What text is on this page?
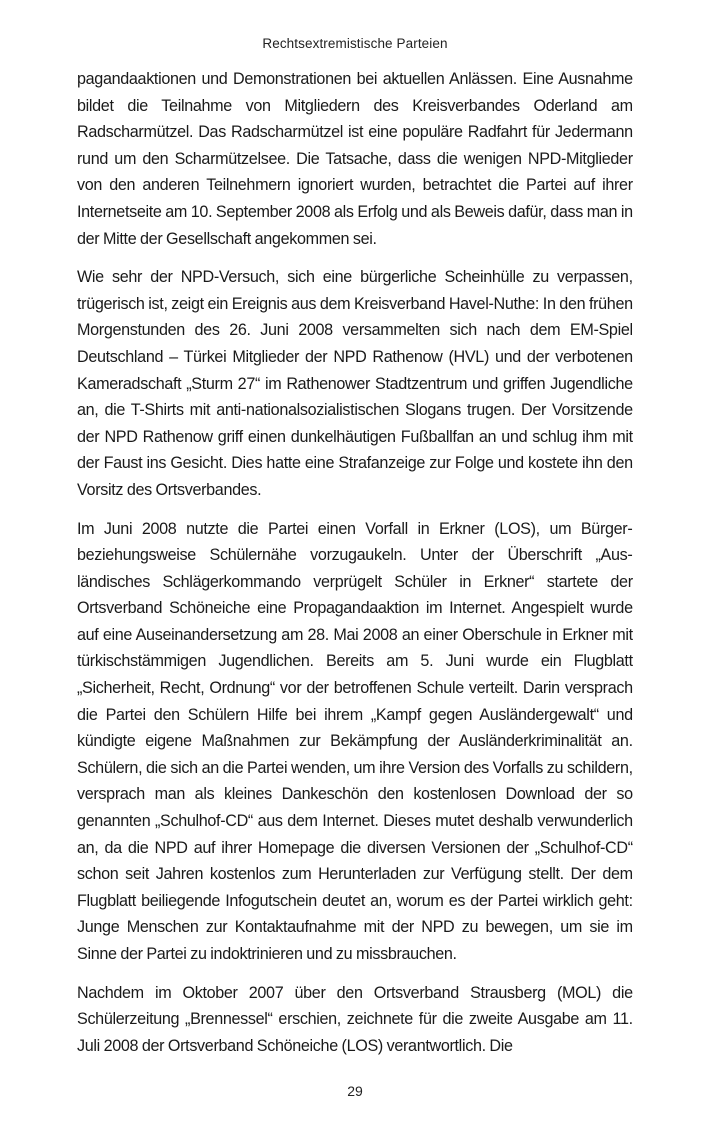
Rechtsextremistische Parteien

pagandaaktionen und Demonstrationen bei aktuellen Anlässen. Eine Ausnahme bildet die Teilnahme von Mitgliedern des Kreisverbandes Oderland am Radscharmützel. Das Radscharmützel ist eine populäre Radfahrt für Jedermann rund um den Scharmützelsee. Die Tatsache, dass die wenigen NPD-Mitglieder von den anderen Teilnehmern ignoriert wurden, betrachtet die Partei auf ihrer Internetseite am 10. September 2008 als Erfolg und als Beweis dafür, dass man in der Mitte der Gesellschaft angekommen sei.

Wie sehr der NPD-Versuch, sich eine bürgerliche Scheinhülle zu verpassen, trügerisch ist, zeigt ein Ereignis aus dem Kreisverband Havel-Nuthe: In den frühen Morgenstunden des 26. Juni 2008 versammelten sich nach dem EM-Spiel Deutschland – Türkei Mitglieder der NPD Rathenow (HVL) und der verbotenen Kameradschaft „Sturm 27“ im Rathenower Stadtzentrum und griffen Jugendliche an, die T-Shirts mit anti-nationalsozialistischen Slogans trugen. Der Vorsitzende der NPD Rathenow griff einen dunkelhäutigen Fußballfan an und schlug ihm mit der Faust ins Gesicht. Dies hatte eine Strafanzeige zur Folge und kostete ihn den Vorsitz des Ortsverbandes.

Im Juni 2008 nutzte die Partei einen Vorfall in Erkner (LOS), um Bürgerbeziehungsweise Schülernähe vorzugaukeln. Unter der Überschrift „Ausländisches Schlägerkommando verprügelt Schüler in Erkner“ startete der Ortsverband Schöneiche eine Propagandaaktion im Internet. Angespielt wurde auf eine Auseinandersetzung am 28. Mai 2008 an einer Oberschule in Erkner mit türkischstämmigen Jugendlichen. Bereits am 5. Juni wurde ein Flugblatt „Sicherheit, Recht, Ordnung“ vor der betroffenen Schule verteilt. Darin versprach die Partei den Schülern Hilfe bei ihrem „Kampf gegen Ausländergewalt“ und kündigte eigene Maßnahmen zur Bekämpfung der Ausländerkriminalität an. Schülern, die sich an die Partei wenden, um ihre Version des Vorfalls zu schildern, versprach man als kleines Dankeschön den kostenlosen Download der so genannten „Schulhof-CD“ aus dem Internet. Dieses mutet deshalb verwunderlich an, da die NPD auf ihrer Homepage die diversen Versionen der „Schulhof-CD“ schon seit Jahren kostenlos zum Herunterladen zur Verfügung stellt. Der dem Flugblatt beiliegende Infogutschein deutet an, worum es der Partei wirklich geht: Junge Menschen zur Kontaktaufnahme mit der NPD zu bewegen, um sie im Sinne der Partei zu indoktrinieren und zu missbrauchen.

Nachdem im Oktober 2007 über den Ortsverband Strausberg (MOL) die Schülerzeitung „Brennessel“ erschien, zeichnete für die zweite Ausgabe am 11. Juli 2008 der Ortsverband Schöneiche (LOS) verantwortlich. Die

29
